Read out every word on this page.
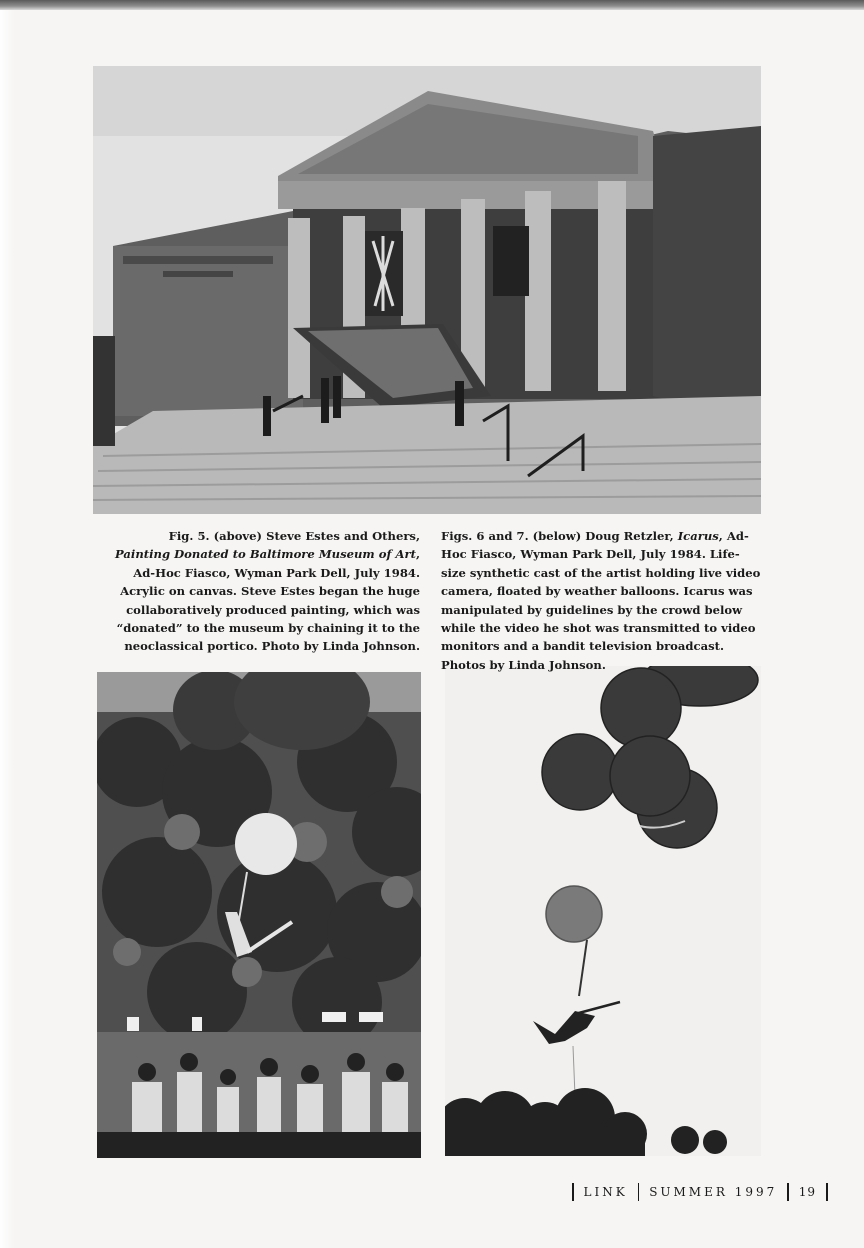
Fig. 5. (above) Steve Estes and Others, Painting Donated to Baltimore Museum of Art, Ad-Hoc Fiasco, Wyman Park Dell, July 1984. Acrylic on canvas. Steve Estes began the huge collaboratively produced painting, which was “donated” to the museum by chaining it to the neoclassical portico. Photo by Linda Johnson.

Figs. 6 and 7. (below) Doug Retzler, Icarus, Ad-Hoc Fiasco, Wyman Park Dell, July 1984. Life-size synthetic cast of the artist holding live video camera, floated by weather balloons. Icarus was manipulated by guidelines by the crowd below while the video he shot was transmitted to video monitors and a bandit television broadcast. Photos by Linda Johnson.

LINK SUMMER 1997 19
